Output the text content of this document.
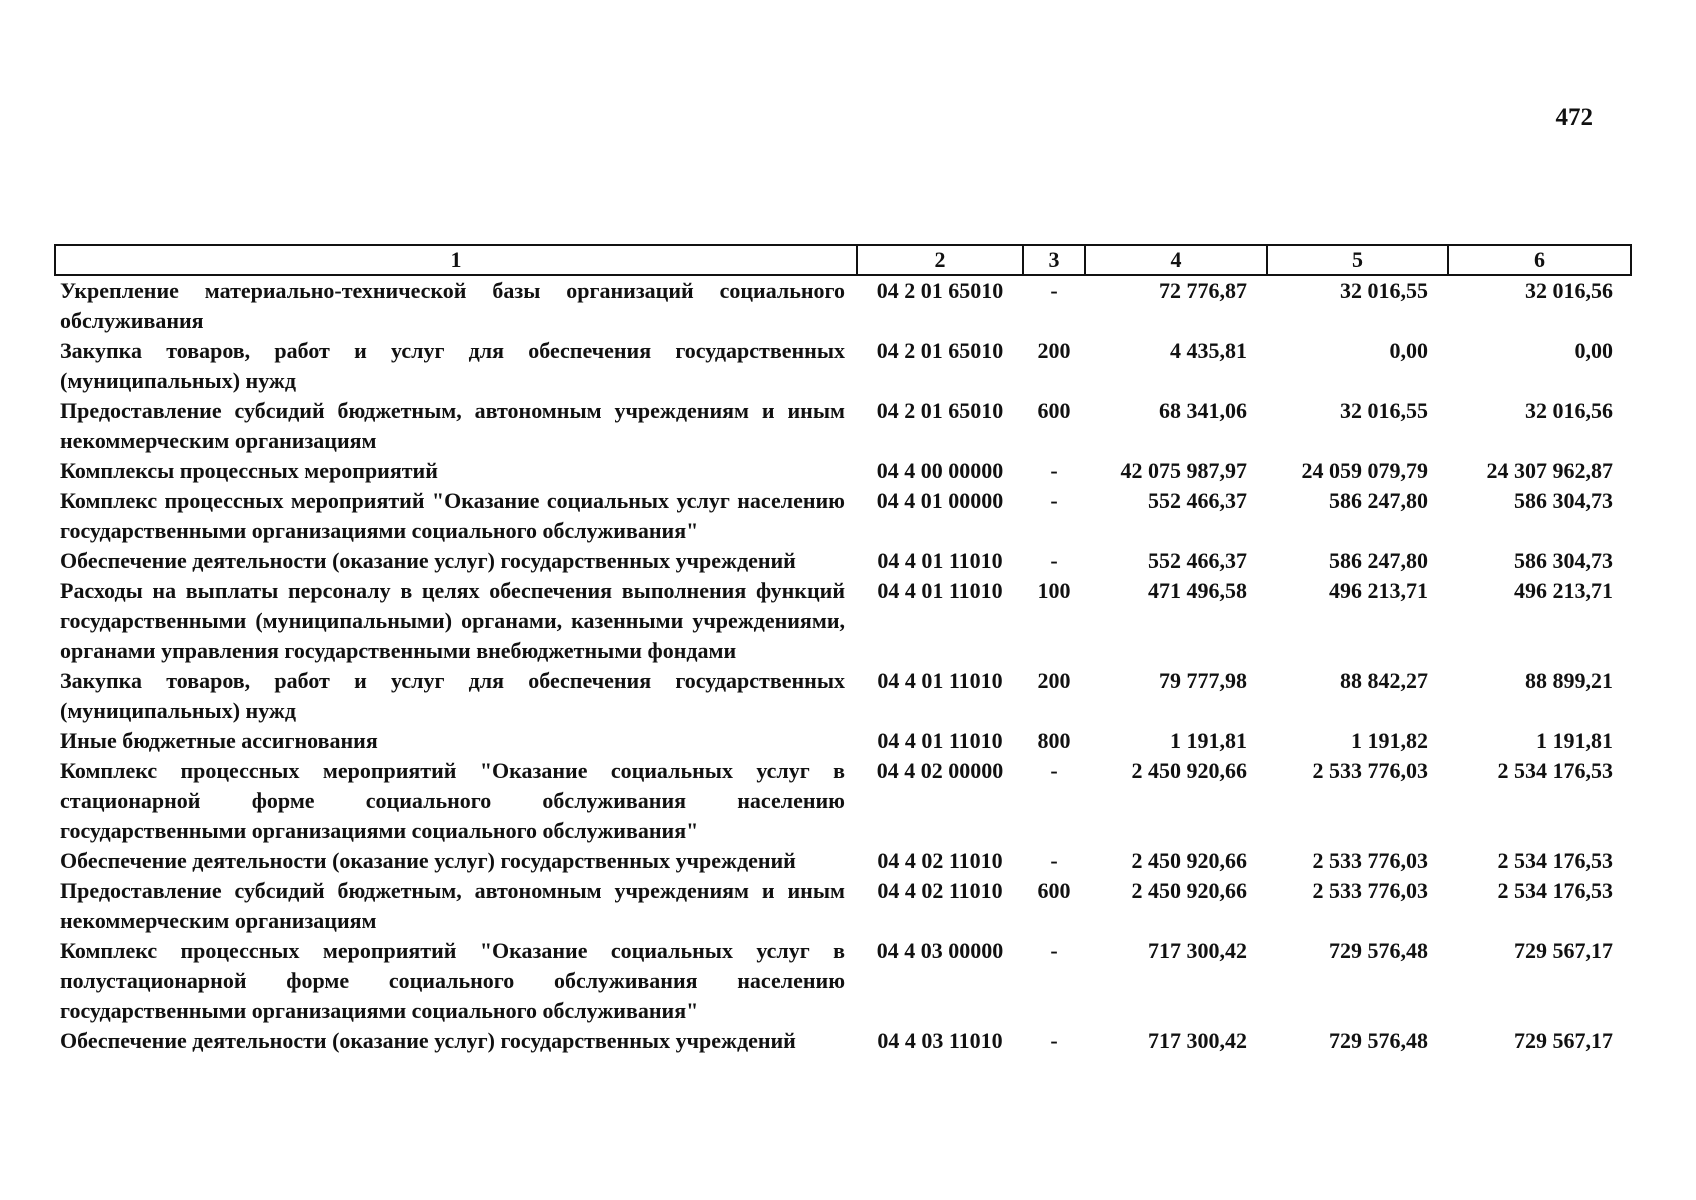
472
1	2	3	4	5	6
Укрепление материально-технической базы организаций социального обслуживания	04 2 01 65010	-	72 776,87	32 016,55	32 016,56
Закупка товаров, работ и услуг для обеспечения государственных (муниципальных) нужд	04 2 01 65010	200	4 435,81	0,00	0,00
Предоставление субсидий бюджетным, автономным учреждениям и иным некоммерческим организациям	04 2 01 65010	600	68 341,06	32 016,55	32 016,56
Комплексы процессных мероприятий	04 4 00 00000	-	42 075 987,97	24 059 079,79	24 307 962,87
Комплекс процессных мероприятий "Оказание социальных услуг населению государственными организациями социального обслуживания"	04 4 01 00000	-	552 466,37	586 247,80	586 304,73
Обеспечение деятельности (оказание услуг) государственных учреждений	04 4 01 11010	-	552 466,37	586 247,80	586 304,73
Расходы на выплаты персоналу в целях обеспечения выполнения функций государственными (муниципальными) органами, казенными учреждениями, органами управления государственными внебюджетными фондами	04 4 01 11010	100	471 496,58	496 213,71	496 213,71
Закупка товаров, работ и услуг для обеспечения государственных (муниципальных) нужд	04 4 01 11010	200	79 777,98	88 842,27	88 899,21
Иные бюджетные ассигнования	04 4 01 11010	800	1 191,81	1 191,82	1 191,81
Комплекс процессных мероприятий "Оказание социальных услуг в стационарной форме социального обслуживания населению государственными организациями социального обслуживания"	04 4 02 00000	-	2 450 920,66	2 533 776,03	2 534 176,53
Обеспечение деятельности (оказание услуг) государственных учреждений	04 4 02 11010	-	2 450 920,66	2 533 776,03	2 534 176,53
Предоставление субсидий бюджетным, автономным учреждениям и иным некоммерческим организациям	04 4 02 11010	600	2 450 920,66	2 533 776,03	2 534 176,53
Комплекс процессных мероприятий "Оказание социальных услуг в полустационарной форме социального обслуживания населению государственными организациями социального обслуживания"	04 4 03 00000	-	717 300,42	729 576,48	729 567,17
Обеспечение деятельности (оказание услуг) государственных учреждений	04 4 03 11010	-	717 300,42	729 576,48	729 567,17
